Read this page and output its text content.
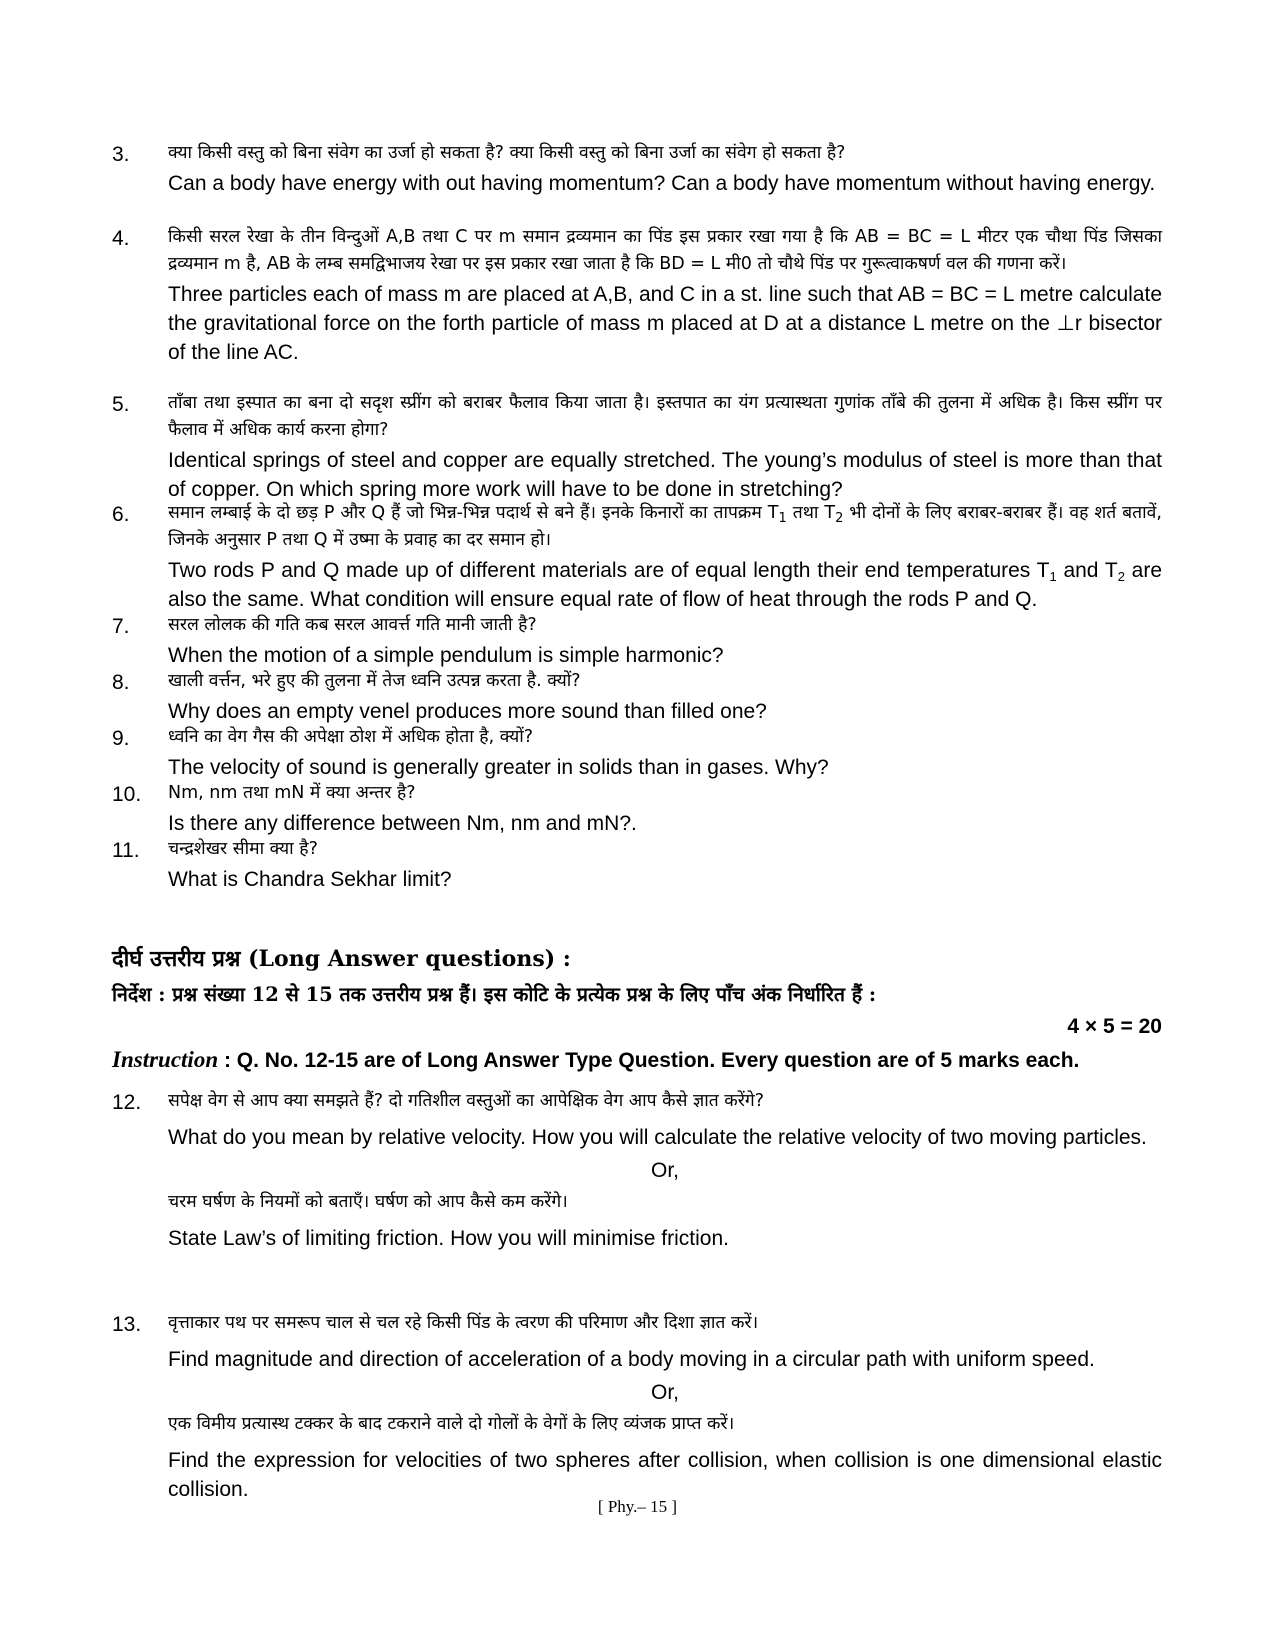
3.	क्या किसी वस्तु को बिना संवेग का उर्जा हो सकता है? क्या किसी वस्तु को बिना उर्जा का संवेग हो सकता है?

Can a body have energy with out having momentum? Can a body have momentum without having energy.

4.	किसी सरल रेखा के तीन विन्दुओं A,B तथा C पर m समान द्रव्यमान का पिंड इस प्रकार रखा गया है कि AB = BC = L मीटर एक चौथा पिंड जिसका द्रव्यमान m है, AB के लम्ब समद्विभाजय रेखा पर इस प्रकार रखा जाता है कि BD = L मी0 तो चौथे पिंड पर गुरूत्वाकषर्ण वल की गणना करें।

Three particles each of mass m are placed at A,B, and C in a st. line such that AB = BC = L metre calculate the gravitational force on the forth particle of mass m placed at D at a distance L metre on the ⊥r bisector of the line AC.

5.	ताँबा तथा इस्पात का बना दो सदृश स्प्रींग को बराबर फैलाव किया जाता है। इस्तपात का यंग प्रत्यास्थता गुणांक ताँबे की तुलना में अधिक है। किस स्प्रींग पर फैलाव में अधिक कार्य करना होगा?

Identical springs of steel and copper are equally stretched. The young’s modulus of steel is more than that of copper. On which spring more work will have to be done in stretching?

6.	समान लम्बाई के दो छड़ P और Q हैं जो भिन्न-भिन्न पदार्थ से बने हैं। इनके किनारों का तापक्रम $T_1$ तथा $T_2$ भी दोनों के लिए बराबर-बराबर हैं। वह शर्त बतावें, जिनके अनुसार P तथा Q में उष्मा के प्रवाह का दर समान हो।

Two rods P and Q made up of different materials are of equal length their end temperatures $T_1$ and $T_2$ are also the same. What condition will ensure equal rate of flow of heat through the rods P and Q.

7.	सरल लोलक की गति कब सरल आवर्त्त गति मानी जाती है?

When the motion of a simple pendulum is simple harmonic?

8.	खाली वर्त्तन, भरे हुए की तुलना में तेज ध्वनि उत्पन्न करता है. क्यों?

Why does an empty venel produces more sound than filled one?

9.	ध्वनि का वेग गैस की अपेक्षा ठोश में अधिक होता है, क्यों?

The velocity of sound is generally greater in solids than in gases. Why?

10.	Nm, nm तथा mN में क्या अन्तर है?

Is there any difference between Nm, nm and mN?.

11.	चन्द्रशेखर सीमा क्या है?

What is Chandra Sekhar limit?

दीर्घ उत्तरीय प्रश्न (Long Answer questions) :
निर्देश : प्रश्न संख्या 12 से 15 तक उत्तरीय प्रश्न हैं। इस कोटि के प्रत्येक प्रश्न के लिए पाँच अंक निर्धारित हैं :
4 × 5 = 20
Instruction : Q. No. 12-15 are of Long Answer Type Question. Every question are of 5 marks each.
12.	सपेक्ष वेग से आप क्या समझते हैं? दो गतिशील वस्तुओं का आपेक्षिक वेग आप कैसे ज्ञात करेंगे?

What do you mean by relative velocity. How you will calculate the relative velocity of two moving particles.

Or,

चरम घर्षण के नियमों को बताएँ। घर्षण को आप कैसे कम करेंगे।

State Law’s of limiting friction. How you will minimise friction.

13.	वृत्ताकार पथ पर समरूप चाल से चल रहे किसी पिंड के त्वरण की परिमाण और दिशा ज्ञात करें।

Find magnitude and direction of acceleration of a body moving in a circular path with uniform speed.

Or,

एक विमीय प्रत्यास्थ टक्कर के बाद टकराने वाले दो गोलों के वेगों के लिए व्यंजक प्राप्त करें।

Find the expression for velocities of two spheres after collision, when collision is one dimensional elastic collision.

[ Phy.– 15 ]
